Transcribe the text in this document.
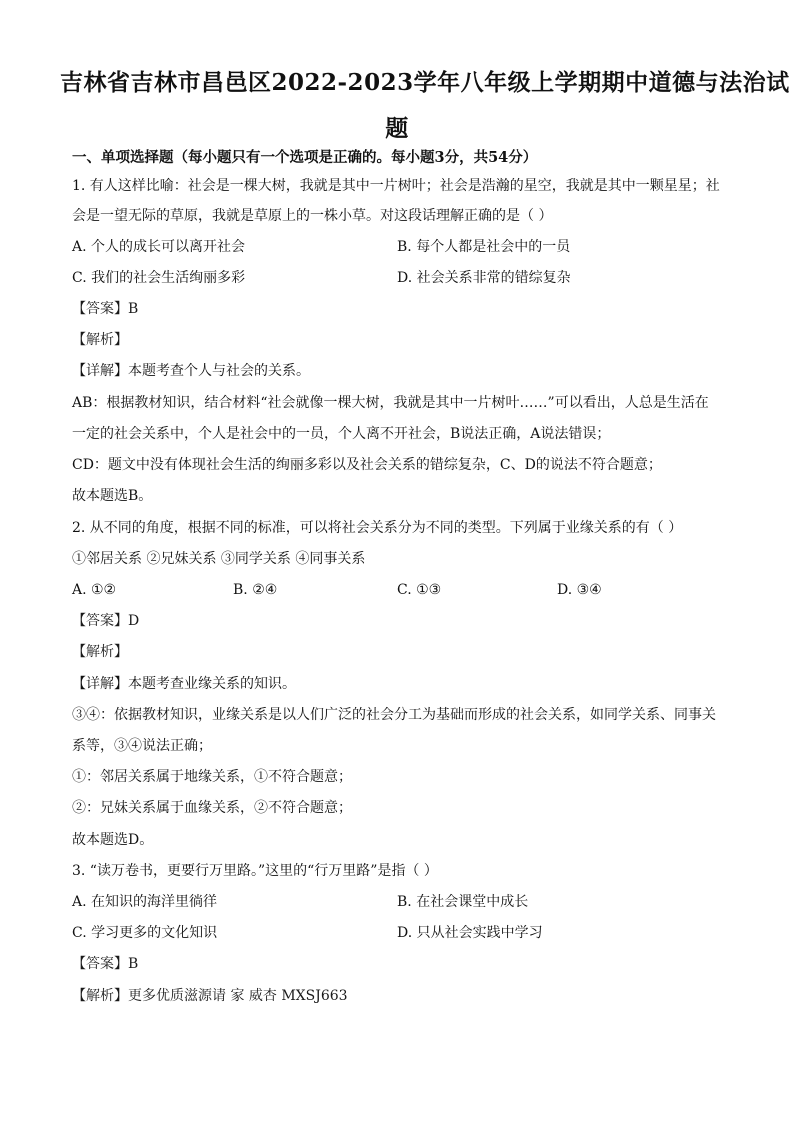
吉林省吉林市昌邑区2022-2023学年八年级上学期期中道德与法治试
题
一、单项选择题（每小题只有一个选项是正确的。每小题3分，共54分）
1. 有人这样比喻：社会是一棵大树，我就是其中一片树叶；社会是浩瀚的星空，我就是其中一颗星星；社
会是一望无际的草原，我就是草原上的一株小草。对这段话理解正确的是（ ）
A. 个人的成长可以离开社会	B. 每个人都是社会中的一员
C. 我们的社会生活绚丽多彩	D. 社会关系非常的错综复杂
【答案】B
【解析】
【详解】本题考查个人与社会的关系。
AB：根据教材知识，结合材料“社会就像一棵大树，我就是其中一片树叶……”可以看出，人总是生活在
一定的社会关系中，个人是社会中的一员，个人离不开社会，B说法正确，A说法错误；
CD：题文中没有体现社会生活的绚丽多彩以及社会关系的错综复杂，C、D的说法不符合题意；
故本题选B。
2. 从不同的角度，根据不同的标准，可以将社会关系分为不同的类型。下列属于业缘关系的有（ ）
①邻居关系 ②兄妹关系 ③同学关系 ④同事关系
A. ①②	B. ②④	C. ①③	D. ③④
【答案】D
【解析】
【详解】本题考查业缘关系的知识。
③④：依据教材知识，业缘关系是以人们广泛的社会分工为基础而形成的社会关系，如同学关系、同事关
系等，③④说法正确；
①：邻居关系属于地缘关系，①不符合题意；
②：兄妹关系属于血缘关系，②不符合题意；
故本题选D。
3. “读万卷书，更要行万里路。”这里的“行万里路”是指（ ）
A. 在知识的海洋里徜徉	B. 在社会课堂中成长
C. 学习更多的文化知识	D. 只从社会实践中学习
【答案】B
【解析】更多优质滋源请 家 威杏 MXSJ663
